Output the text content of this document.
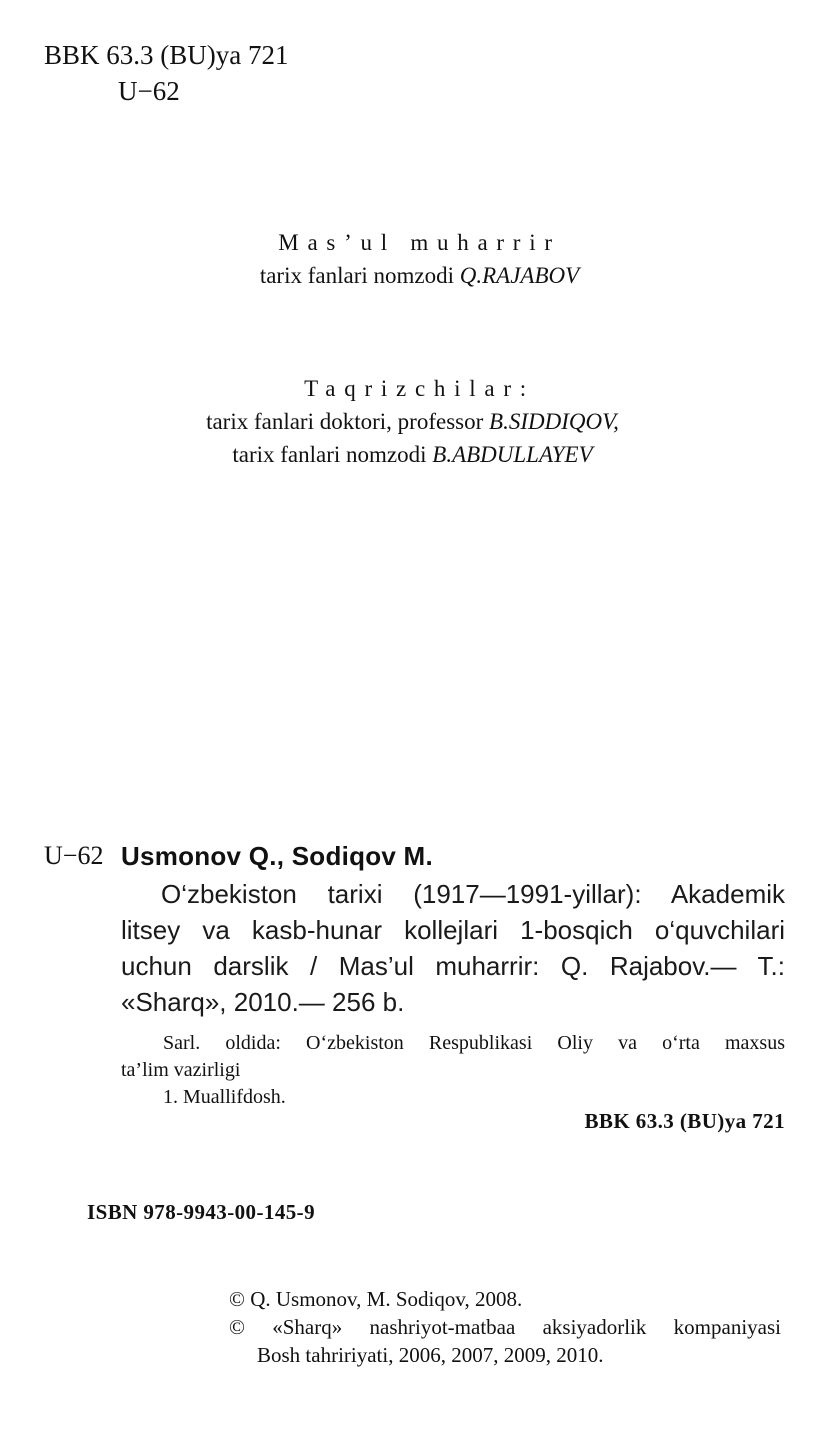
BBK 63.3 (BU)ya 721

U−62

Mas’ul muharrir
tarix fanlari nomzodi Q.RAJABOV
Taqrizchilar:
tarix fanlari doktori, professor B.SIDDIQOV,
tarix fanlari nomzodi B.ABDULLAYEV

U−62 Usmonov Q., Sodiqov M.

O‘zbekiston tarixi (1917—1991-yillar): Akademik
litsey va kasb-hunar kollejlari 1-bosqich o‘quvchilari
uchun darslik / Mas’ul muharrir: Q. Rajabov.— T.:
«Sharq», 2010.— 256 b.
Sarl. oldida: O‘zbekiston Respublikasi Oliy va o‘rta maxsus
ta’lim vazirligi
1. Muallifdosh.
BBK 63.3 (BU)ya 721

ISBN 978-9943-00-145-9

© Q. Usmonov, M. Sodiqov, 2008.
© «Sharq» nashriyot-matbaa aksiyadorlik kompaniyasi
Bosh tahririyati, 2006, 2007, 2009, 2010.
